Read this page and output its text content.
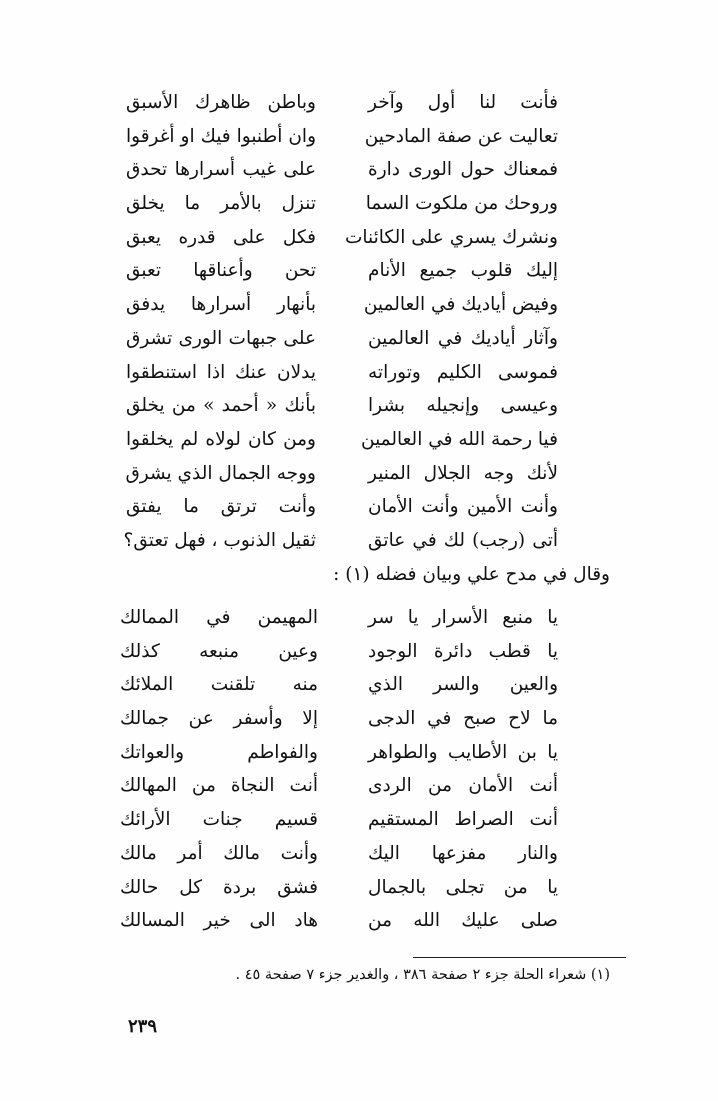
فأنت لنا أول وآخر
تعاليت عن صفة المادحين
فمعناك حول الورى دارة
وروحك من ملكوت السما
ونشرك يسري على الكائنات
إليك قلوب جميع الأنام
وفيض أياديك في العالمين
وآثار أياديك في العالمين
فموسى الكليم وتوراته
وعيسى وإنجيله بشرا
فيا رحمة الله في العالمين
لأنك وجه الجلال المنير
وأنت الأمين وأنت الأمان
أتى (رجب) لك في عاتق
وباطن ظاهرك الأسبق
وان أطنبوا فيك او أغرقوا
على غيب أسرارها تحدق
تنزل بالأمر ما يخلق
فكل على قدره يعبق
تحن وأعناقها تعبق
بأنهار أسرارها يدفق
على جبهات الورى تشرق
يدلان عنك اذا استنطقوا
بأنك « أحمد » من يخلق
ومن كان لولاه لم يخلقوا
ووجه الجمال الذي يشرق
وأنت ترتق ما يفتق
ثقيل الذنوب ، فهل تعتق؟
وقال في مدح علي وبيان فضله (١) :
يا منبع الأسرار يا سر
يا قطب دائرة الوجود
والعين والسر الذي
ما لاح صبح في الدجى
يا بن الأطايب والطواهر
أنت الأمان من الردى
أنت الصراط المستقيم
والنار مفزعها اليك
يا من تجلى بالجمال
صلى عليك الله من
المهيمن في الممالك
وعين منبعه كذلك
منه تلقنت الملائك
إلا وأسفر عن جمالك
والفواطم والعواتك
أنت النجاة من المهالك
قسيم جنات الأرائك
وأنت مالك أمر مالك
فشق بردة كل حالك
هاد الى خير المسالك
(١) شعراء الحلة جزء ٢ صفحة ٣٨٦ ، والغدير جزء ٧ صفحة ٤٥ .
٢٣٩
